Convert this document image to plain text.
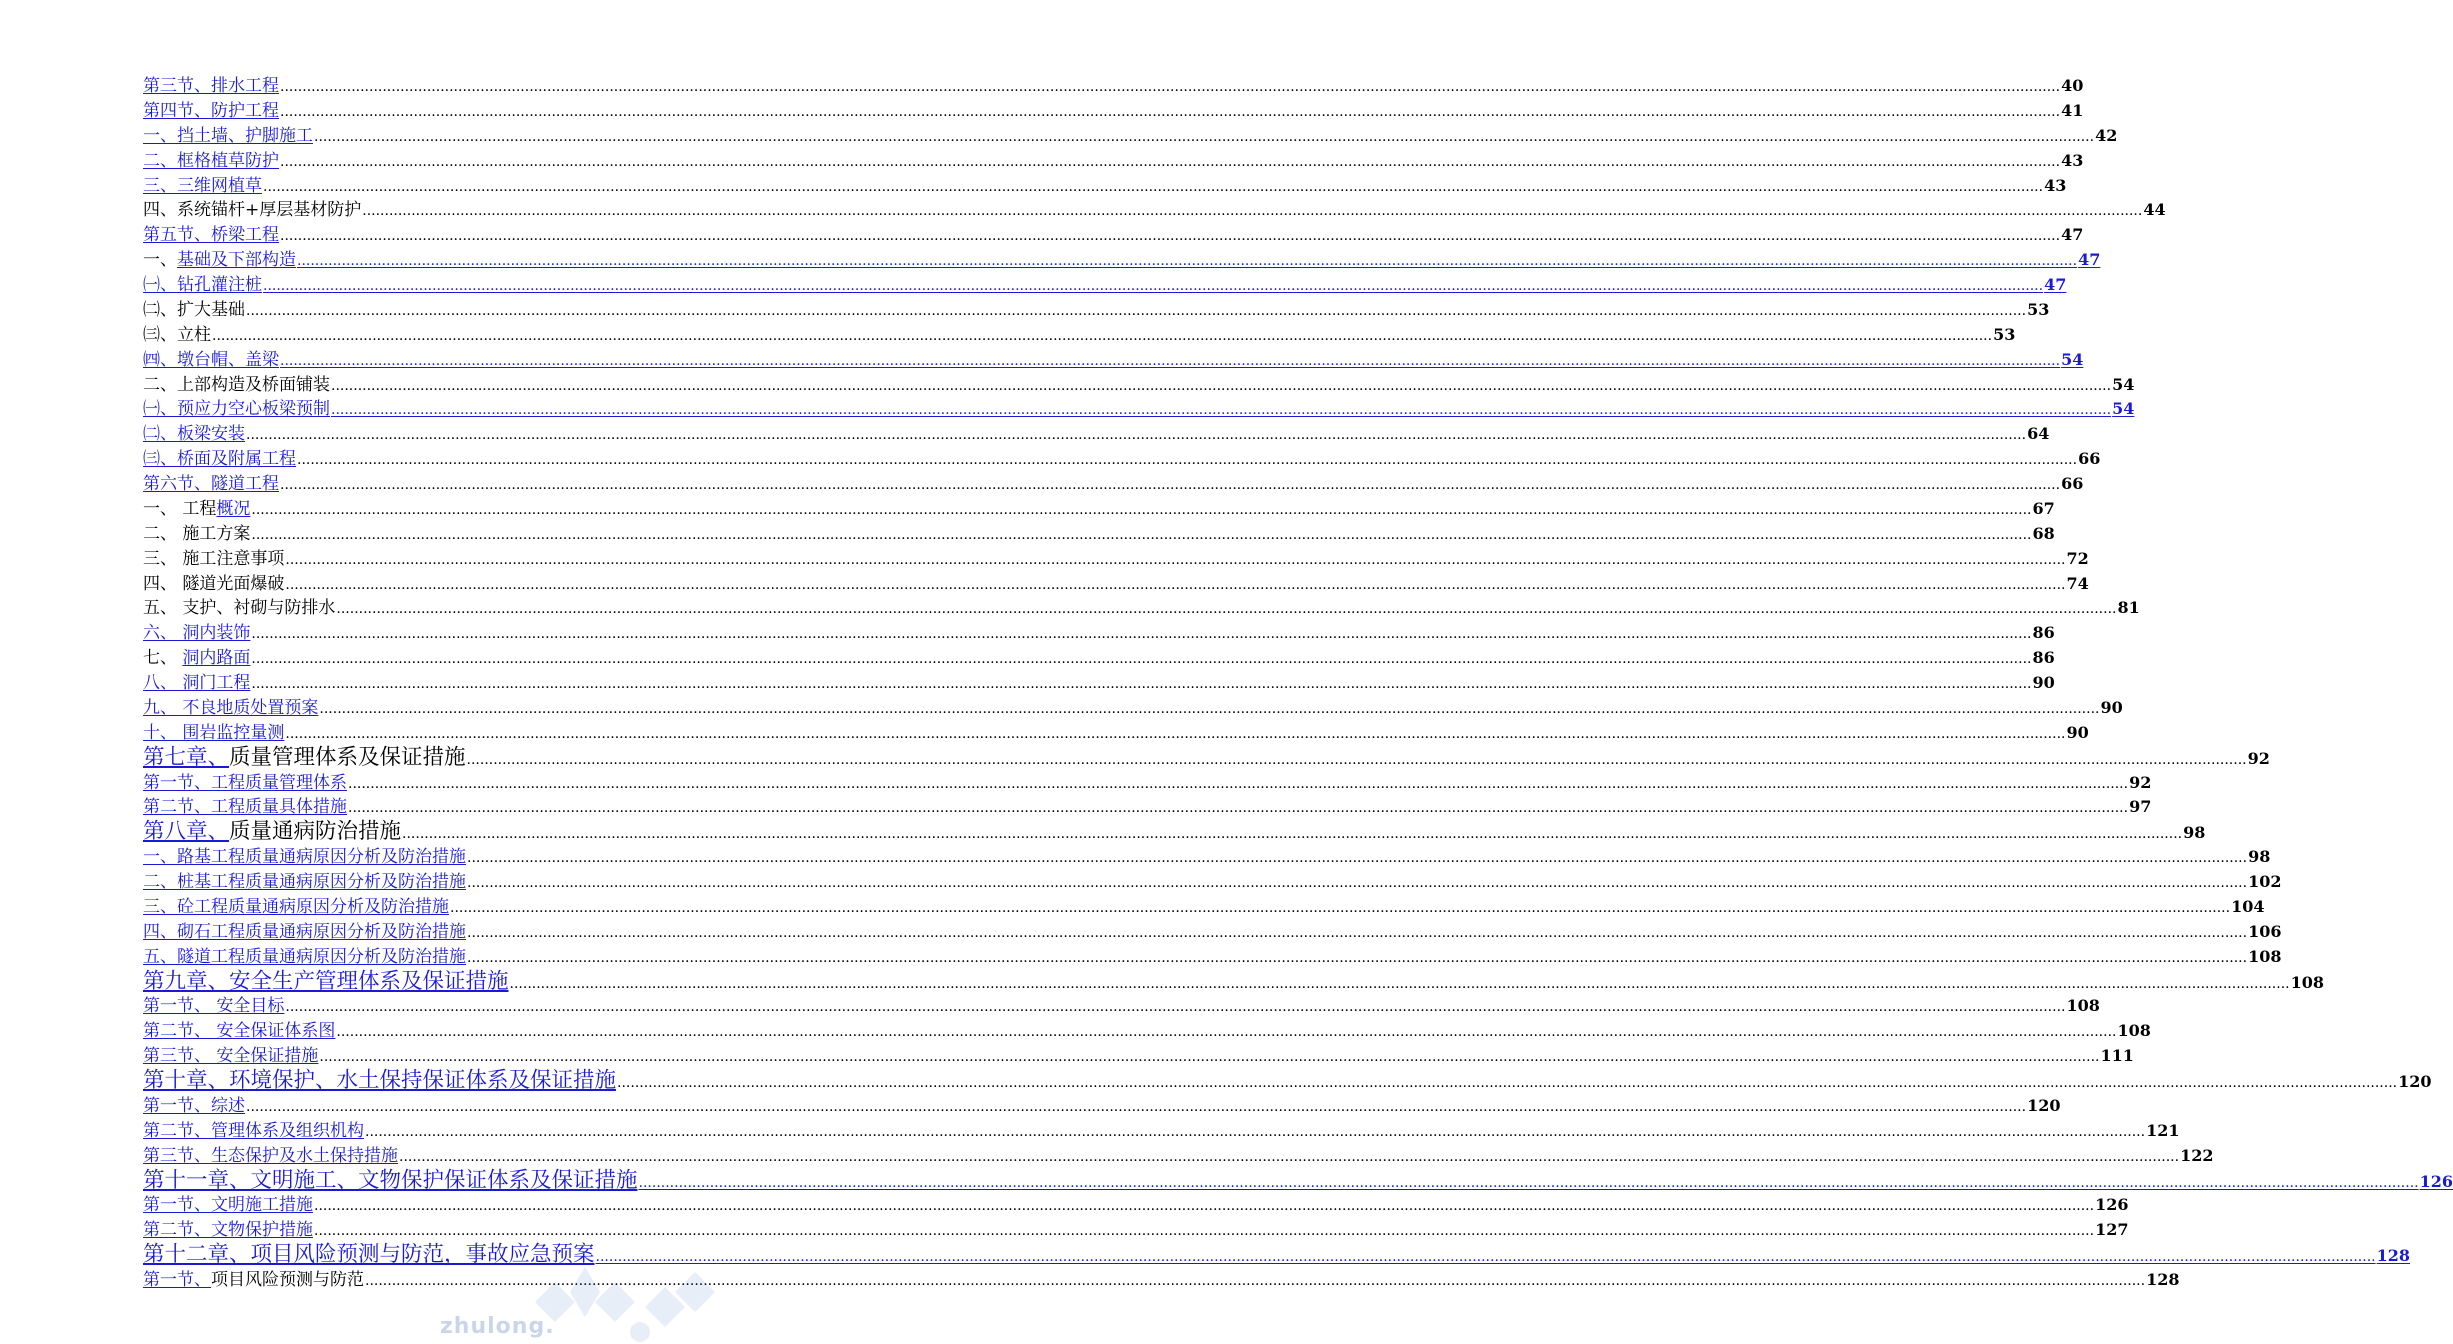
第三节、排水工程 ................................................................................................................................................................................................................................................................................................................................................................................................................ 40
第四节、防护工程 ................................................................................................................................................................................................................................................................................................................................................................................................................ 41
一、挡土墙、护脚施工 ................................................................................................................................................................................................................................................................................................................................................................................................................ 42
二、框格植草防护 ................................................................................................................................................................................................................................................................................................................................................................................................................ 43
三、三维网植草 ................................................................................................................................................................................................................................................................................................................................................................................................................ 43
四、系统锚杆+厚层基材防护 ................................................................................................................................................................................................................................................................................................................................................................................................................ 44
第五节、桥梁工程 ................................................................................................................................................................................................................................................................................................................................................................................................................ 47
一、基础及下部构造 ................................................................................................................................................................................................................................................................................................................................................................................................................ 47
㈠、钻孔灌注桩 ................................................................................................................................................................................................................................................................................................................................................................................................................ 47
㈡、扩大基础 ................................................................................................................................................................................................................................................................................................................................................................................................................ 53
㈢、立柱 ................................................................................................................................................................................................................................................................................................................................................................................................................ 53
㈣、墩台帽、盖梁 ................................................................................................................................................................................................................................................................................................................................................................................................................ 54
二、上部构造及桥面铺装 ................................................................................................................................................................................................................................................................................................................................................................................................................ 54
㈠、预应力空心板梁预制 ................................................................................................................................................................................................................................................................................................................................................................................................................ 54
㈡、板梁安装 ................................................................................................................................................................................................................................................................................................................................................................................................................ 64
㈢、桥面及附属工程 ................................................................................................................................................................................................................................................................................................................................................................................................................ 66
第六节、隧道工程 ................................................................................................................................................................................................................................................................................................................................................................................................................ 66
一、 工程概况 ................................................................................................................................................................................................................................................................................................................................................................................................................ 67
二、 施工方案 ................................................................................................................................................................................................................................................................................................................................................................................................................ 68
三、 施工注意事项 ................................................................................................................................................................................................................................................................................................................................................................................................................ 72
四、 隧道光面爆破 ................................................................................................................................................................................................................................................................................................................................................................................................................ 74
五、 支护、衬砌与防排水 ................................................................................................................................................................................................................................................................................................................................................................................................................ 81
六、 洞内装饰 ................................................................................................................................................................................................................................................................................................................................................................................................................ 86
七、 洞内路面 ................................................................................................................................................................................................................................................................................................................................................................................................................ 86
八、 洞门工程 ................................................................................................................................................................................................................................................................................................................................................................................................................ 90
九、 不良地质处置预案 ................................................................................................................................................................................................................................................................................................................................................................................................................ 90
十、 围岩监控量测 ................................................................................................................................................................................................................................................................................................................................................................................................................ 90
第七章、质量管理体系及保证措施 ................................................................................................................................................................................................................................................................................................................................................................................................................ 92
第一节、工程质量管理体系 ................................................................................................................................................................................................................................................................................................................................................................................................................ 92
第二节、工程质量具体措施 ................................................................................................................................................................................................................................................................................................................................................................................................................ 97
第八章、质量通病防治措施 ................................................................................................................................................................................................................................................................................................................................................................................................................ 98
一、路基工程质量通病原因分析及防治措施 ................................................................................................................................................................................................................................................................................................................................................................................................................ 98
二、桩基工程质量通病原因分析及防治措施 ................................................................................................................................................................................................................................................................................................................................................................................................................ 102
三、砼工程质量通病原因分析及防治措施 ................................................................................................................................................................................................................................................................................................................................................................................................................ 104
四、砌石工程质量通病原因分析及防治措施 ................................................................................................................................................................................................................................................................................................................................................................................................................ 106
五、隧道工程质量通病原因分析及防治措施 ................................................................................................................................................................................................................................................................................................................................................................................................................ 108
第九章、安全生产管理体系及保证措施 ................................................................................................................................................................................................................................................................................................................................................................................................................ 108
第一节、 安全目标 ................................................................................................................................................................................................................................................................................................................................................................................................................ 108
第二节、 安全保证体系图 ................................................................................................................................................................................................................................................................................................................................................................................................................ 108
第三节、 安全保证措施 ................................................................................................................................................................................................................................................................................................................................................................................................................ 111
第十章、环境保护、水土保持保证体系及保证措施 ................................................................................................................................................................................................................................................................................................................................................................................................................ 120
第一节、综述 ................................................................................................................................................................................................................................................................................................................................................................................................................ 120
第二节、管理体系及组织机构 ................................................................................................................................................................................................................................................................................................................................................................................................................ 121
第三节、生态保护及水土保持措施 ................................................................................................................................................................................................................................................................................................................................................................................................................ 122
第十一章、文明施工、文物保护保证体系及保证措施 ................................................................................................................................................................................................................................................................................................................................................................................................................ 126
第一节、文明施工措施 ................................................................................................................................................................................................................................................................................................................................................................................................................ 126
第二节、文物保护措施 ................................................................................................................................................................................................................................................................................................................................................................................................................ 127
第十二章、项目风险预测与防范，事故应急预案 ................................................................................................................................................................................................................................................................................................................................................................................................................ 128
第一节、项目风险预测与防范 ................................................................................................................................................................................................................................................................................................................................................................................................................ 128
zhulong.
